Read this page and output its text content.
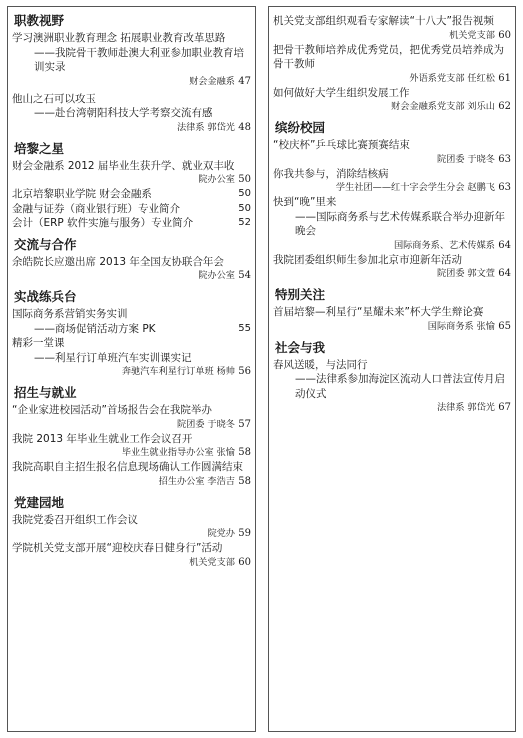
职教视野

学习澳洲职业教育理念 拓展职业教育改革思路

——我院骨干教师赴澳大利亚参加职业教育培训实录

财会金融系 47

他山之石可以攻玉

——赴台湾朝阳科技大学考察交流有感

法律系 郭岱光 48
培黎之星

财会金融系 2012 届毕业生获升学、就业双丰收

院办公室 50
北京培黎职业学院 财会金融系	50
金融与证券（商业银行班）专业简介	50
会计（ERP 软件实施与服务）专业简介	52
交流与合作

余皓院长应邀出席 2013 年全国友协联合年会

院办公室 54
实战练兵台

国际商务系营销实务实训

——商场促销活动方案 PK	55

精彩一堂课

——利星行订单班汽车实训课实记

奔驰汽车利星行订单班 杨帅 56
招生与就业

“企业家进校园活动”首场报告会在我院举办

院团委 于晓冬 57

我院 2013 年毕业生就业工作会议召开

毕业生就业指导办公室 张愉 58

我院高职自主招生报名信息现场确认工作圆满结束

招生办公室 李浩吉 58
党建园地

我院党委召开组织工作会议

院党办 59

学院机关党支部开展“迎校庆春日健身行”活动

机关党支部 60

机关党支部组织观看专家解读“十八大”报告视频

机关党支部 60

把骨干教师培养成优秀党员，把优秀党员培养成为骨干教师

外语系党支部 任红松 61

如何做好大学生组织发展工作

财会金融系党支部 刘乐山 62
缤纷校园

“校庆杯”乒乓球比赛预赛结束

院团委 于晓冬 63

你我共参与，消除结核病

学生社团——红十字会学生分会 赵鹏飞 63

快到“晚”里来

——国际商务系与艺术传媒系联合举办迎新年晚会

国际商务系、艺术传媒系 64

我院团委组织师生参加北京市迎新年活动

院团委 郭文萱 64
特别关注

首届培黎—利星行“星耀未来”杯大学生辩论赛

国际商务系 张愉 65
社会与我

春风送暖，与法同行

——法律系参加海淀区流动人口普法宣传月启动仪式

法律系 郭岱光 67
